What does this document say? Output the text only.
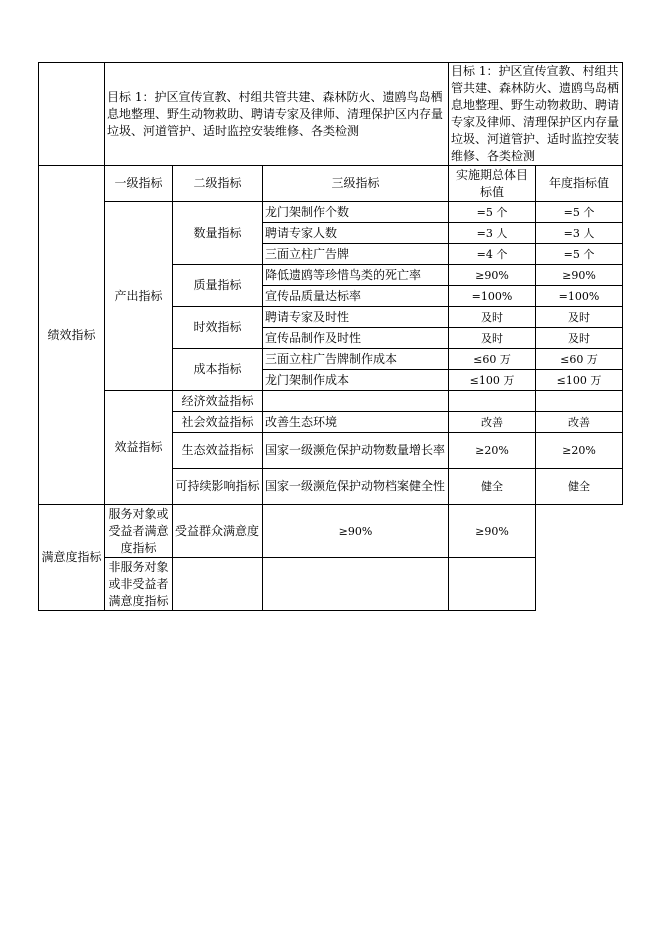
	目标 1：护区宣传宣教、村组共管共建、森林防火、遗鸥鸟岛栖息地整理、野生动物救助、聘请专家及律师、清理保护区内存量垃圾、河道管护、适时监控安装维修、各类检测			目标 1：护区宣传宣教、村组共管共建、森林防火、遗鸥鸟岛栖息地整理、野生动物救助、聘请专家及律师、清理保护区内存量垃圾、河道管护、适时监控安装维修、各类检测	
绩效指标	一级指标	二级指标	三级指标	实施期总体目标值	年度指标值
	产出指标	数量指标	龙门架制作个数	=5 个	=5 个
			聘请专家人数	=3 人	=3 人
			三面立柱广告牌	=4 个	=5 个
		质量指标	降低遗鸥等珍惜鸟类的死亡率	≥90%	≥90%
			宣传品质量达标率	=100%	=100%
		时效指标	聘请专家及时性	及时	及时
			宣传品制作及时性	及时	及时
		成本指标	三面立柱广告牌制作成本	≤60 万	≤60 万
			龙门架制作成本	≤100 万	≤100 万
	效益指标	经济效益指标			
		社会效益指标	改善生态环境	改善	改善
		生态效益指标	国家一级濒危保护动物数量增长率	≥20%	≥20%
		可持续影响指标	国家一级濒危保护动物档案健全性	健全	健全
满意度指标	服务对象或受益者满意度指标	受益群众满意度	≥90%	≥90%	
	非服务对象或非受益者满意度指标				
